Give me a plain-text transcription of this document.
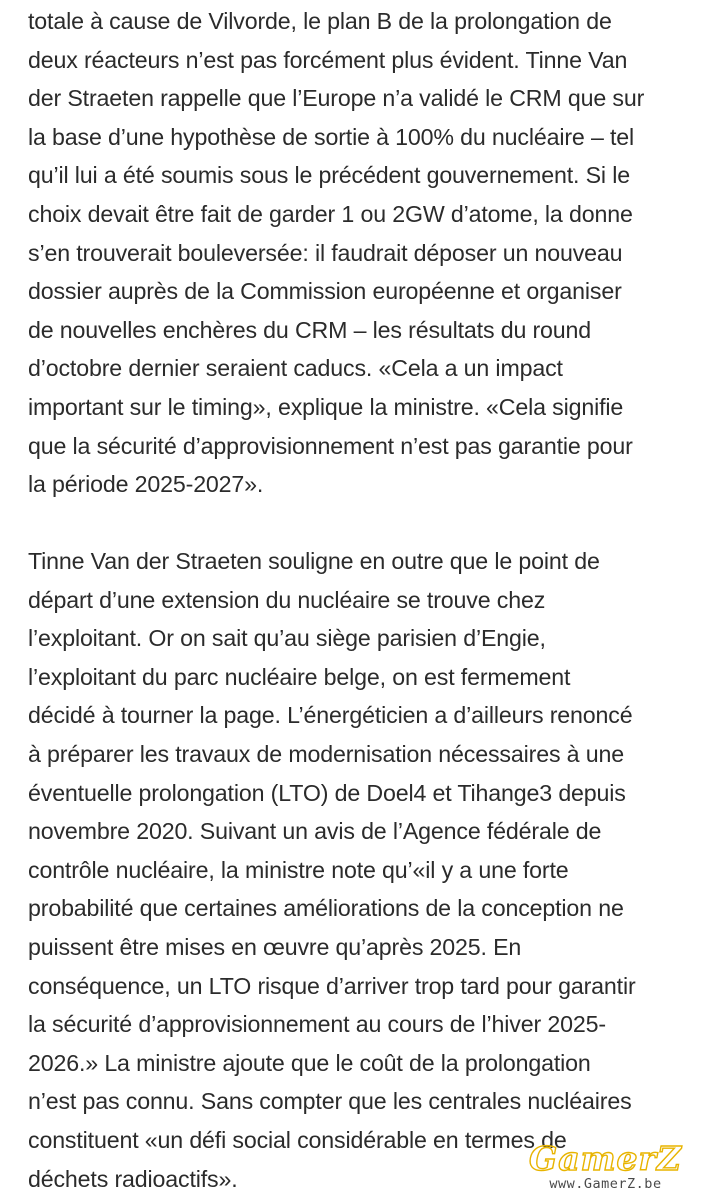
totale à cause de Vilvorde, le plan B de la prolongation de
deux réacteurs n’est pas forcément plus évident. Tinne Van
der Straeten rappelle que l’Europe n’a validé le CRM que sur
la base d’une hypothèse de sortie à 100% du nucléaire – tel
qu’il lui a été soumis sous le précédent gouvernement. Si le
choix devait être fait de garder 1 ou 2GW d’atome, la donne
s’en trouverait bouleversée: il faudrait déposer un nouveau
dossier auprès de la Commission européenne et organiser
de nouvelles enchères du CRM – les résultats du round
d’octobre dernier seraient caducs. «Cela a un impact
important sur le timing», explique la ministre. «Cela signifie
que la sécurité d’approvisionnement n’est pas garantie pour
la période 2025-2027».
Tinne Van der Straeten souligne en outre que le point de
départ d’une extension du nucléaire se trouve chez
l’exploitant. Or on sait qu’au siège parisien d’Engie,
l’exploitant du parc nucléaire belge, on est fermement
décidé à tourner la page. L’énergéticien a d’ailleurs renoncé
à préparer les travaux de modernisation nécessaires à une
éventuelle prolongation (LTO) de Doel4 et Tihange3 depuis
novembre 2020. Suivant un avis de l’Agence fédérale de
contrôle nucléaire, la ministre note qu’«il y a une forte
probabilité que certaines améliorations de la conception ne
puissent être mises en œuvre qu’après 2025. En
conséquence, un LTO risque d’arriver trop tard pour garantir
la sécurité d’approvisionnement au cours de l’hiver 2025-
2026.» La ministre ajoute que le coût de la prolongation
n’est pas connu. Sans compter que les centrales nucléaires
constituent «un défi social considérable en termes de
déchets radioactifs».
GamerZ
www.GamerZ.be
